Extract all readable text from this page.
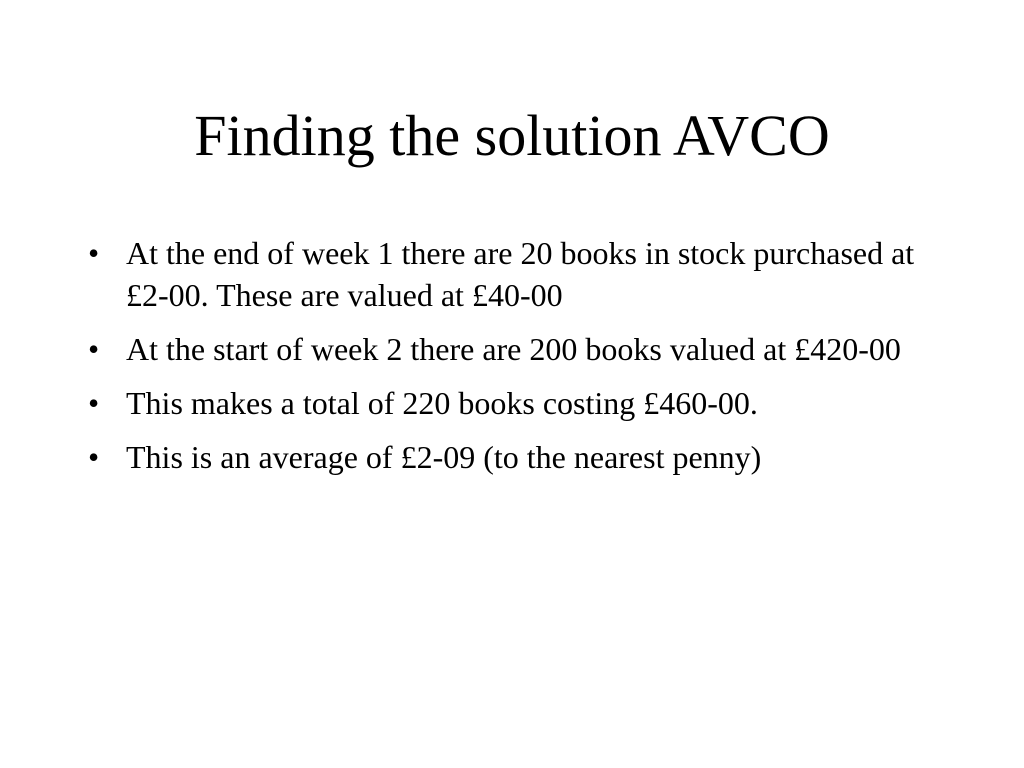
Finding the solution AVCO
• At the end of week 1 there are 20 books in stock purchased at £2-00. These are valued at £40-00
• At the start of week 2 there are 200 books valued at £420-00
• This makes a total of 220 books costing £460-00.
• This is an average of £2-09 (to the nearest penny)
